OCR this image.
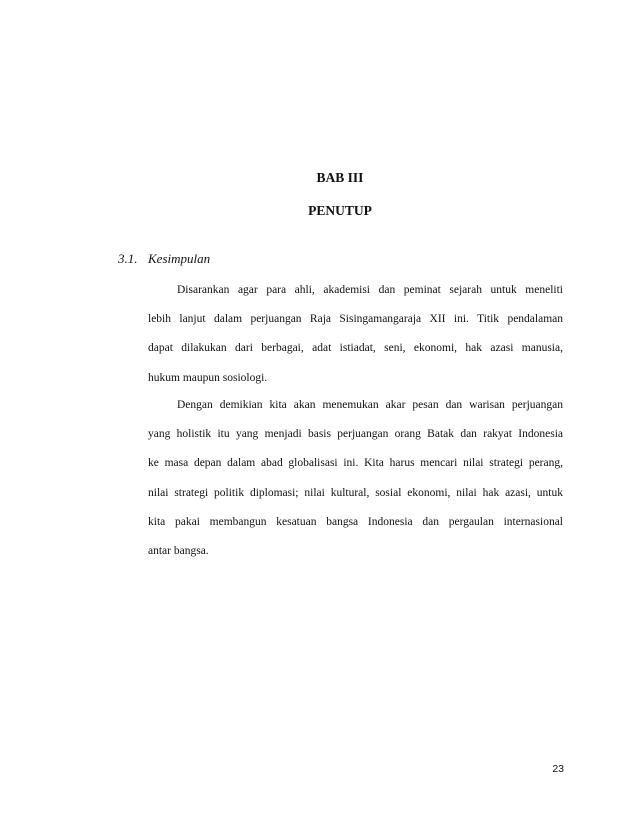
BAB III
PENUTUP
3.1. Kesimpulan
Disarankan agar para ahli, akademisi dan peminat sejarah untuk meneliti
lebih lanjut dalam perjuangan Raja Sisingamangaraja XII ini. Titik pendalaman
dapat dilakukan dari berbagai, adat istiadat, seni, ekonomi, hak azasi manusia,
hukum maupun sosiologi.
Dengan demikian kita akan menemukan akar pesan dan warisan perjuangan
yang holistik itu yang menjadi basis perjuangan orang Batak dan rakyat Indonesia
ke masa depan dalam abad globalisasi ini. Kita harus mencari nilai strategi perang,
nilai strategi politik diplomasi; nilai kultural, sosial ekonomi, nilai hak azasi, untuk
kita pakai membangun kesatuan bangsa Indonesia dan pergaulan internasional
antar bangsa.
23
